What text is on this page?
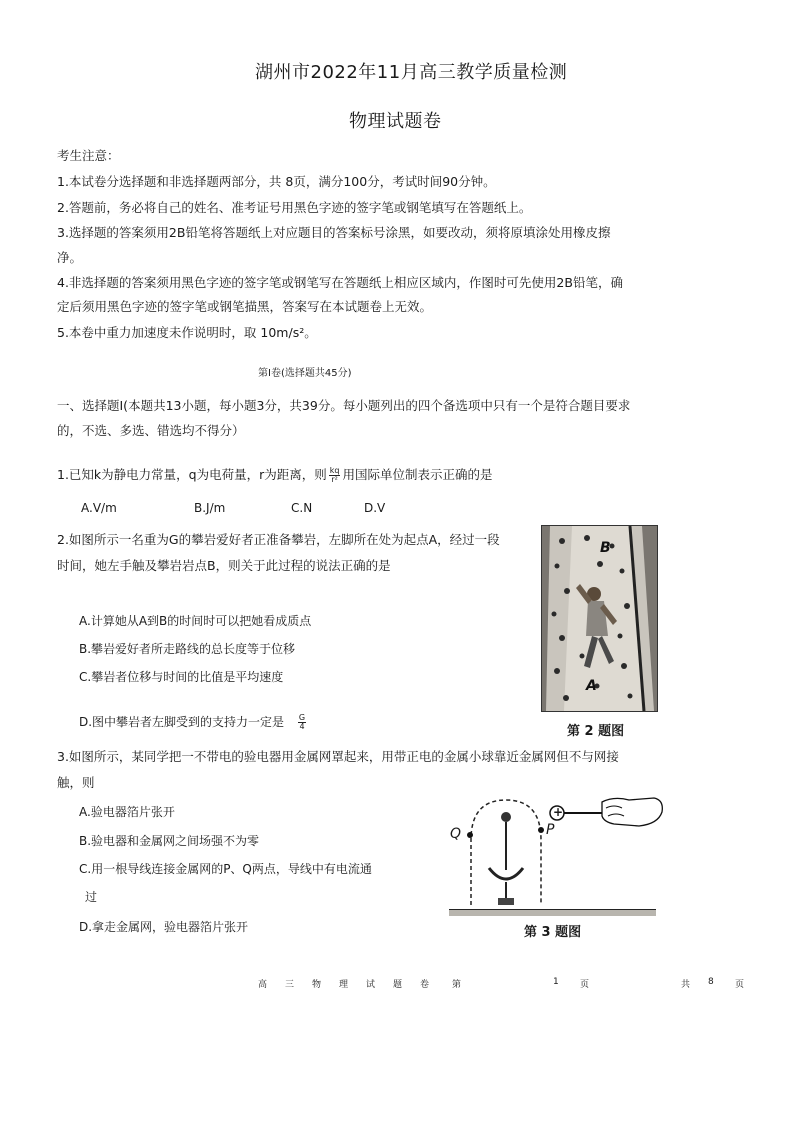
湖州市2022年11月高三教学质量检测
物理试题卷
考生注意：
1.本试卷分选择题和非选择题两部分，共 8页，满分100分，考试时间90分钟。
2.答题前，务必将自己的姓名、准考证号用黑色字迹的签字笔或钢笔填写在答题纸上。
3.选择题的答案须用2B铅笔将答题纸上对应题目的答案标号涂黑，如要改动，须将原填涂处用橡皮擦
净。
4.非选择题的答案须用黑色字迹的签字笔或钢笔写在答题纸上相应区域内，作图时可先使用2B铅笔，确
定后须用黑色字迹的签字笔或钢笔描黑，答案写在本试题卷上无效。
5.本卷中重力加速度未作说明时，取 10m/s²。
第Ⅰ卷(选择题共45分)
一、选择题Ⅰ(本题共13小题，每小题3分，共39分。每小题列出的四个备选项中只有一个是符合题目要求
的，不选、多选、错选均不得分）
1.已知k为静电力常量，q为电荷量，r为距离，则 $\frac{kq}{\text{r²}}$ 用国际单位制表示正确的是
A.V/m	B.J/m	C.N	D.V
2.如图所示一名重为G的攀岩爱好者正准备攀岩，左脚所在处为起点A，经过一段
时间，她左手触及攀岩岩点B，则关于此过程的说法正确的是
A.计算她从A到B的时间时可以把她看成质点
B.攀岩爱好者所走路线的总长度等于位移
C.攀岩者位移与时间的比值是平均速度
D.图中攀岩者左脚受到的支持力一定是 $\frac{G}{4}$
B
A
第 2 题图
3.如图所示，某同学把一不带电的验电器用金属网罩起来，用带正电的金属小球靠近金属网但不与网接
触，则
A.验电器箔片张开
B.验电器和金属网之间场强不为零
C.用一根导线连接金属网的P、Q两点，导线中有电流通
过
D.拿走金属网，验电器箔片张开
Q	P
+
第 3 题图
高 三 物 理 试 题 卷	第	1 页	共 8 页
